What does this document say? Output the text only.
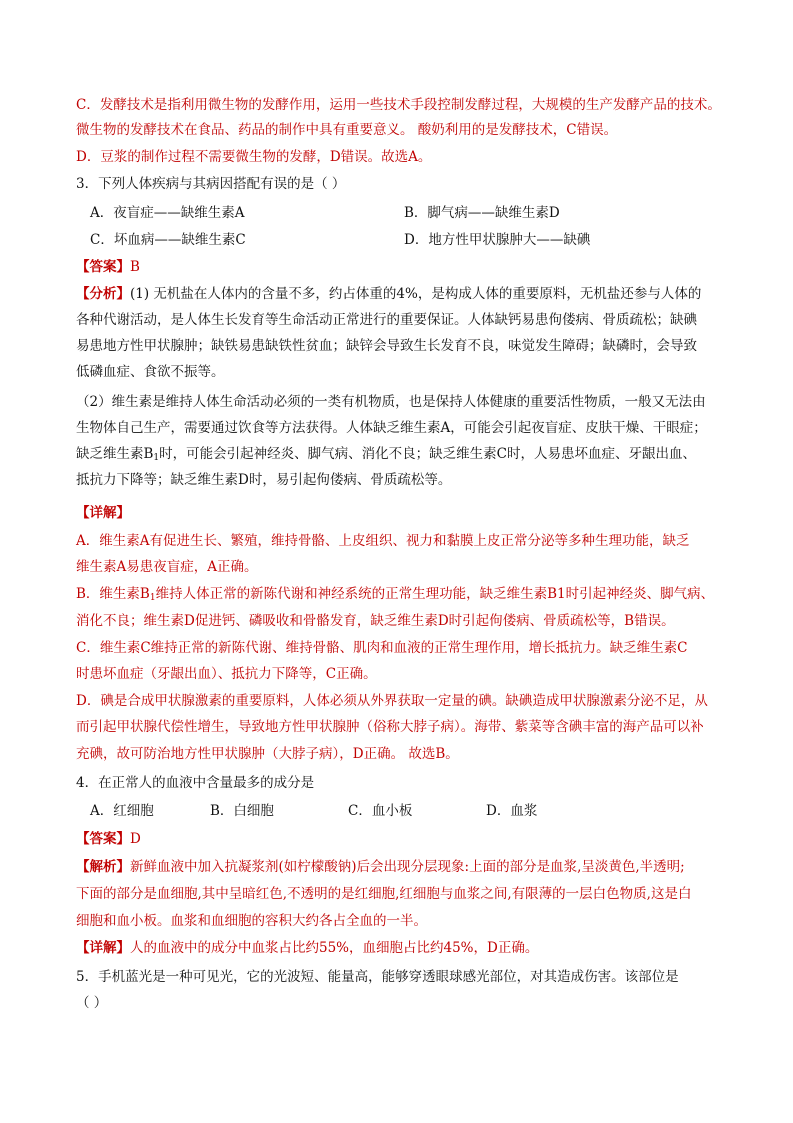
C．发酵技术是指利用微生物的发酵作用，运用一些技术手段控制发酵过程，大规模的生产发酵产品的技术。
微生物的发酵技术在食品、药品的制作中具有重要意义。 酸奶利用的是发酵技术，C错误。
D．豆浆的制作过程不需要微生物的发酵，D错误。故选A。
3．下列人体疾病与其病因搭配有误的是（ ）
A．夜盲症——缺维生素A	B．脚气病——缺维生素D
C．坏血病——缺维生素C	D．地方性甲状腺肿大——缺碘
【答案】B
【分析】(1) 无机盐在人体内的含量不多，约占体重的4%，是构成人体的重要原料，无机盐还参与人体的
各种代谢活动，是人体生长发育等生命活动正常进行的重要保证。人体缺钙易患佝偻病、骨质疏松；缺碘
易患地方性甲状腺肿；缺铁易患缺铁性贫血；缺锌会导致生长发育不良，味觉发生障碍；缺磷时，会导致
低磷血症、食欲不振等。
（2）维生素是维持人体生命活动必须的一类有机物质，也是保持人体健康的重要活性物质，一般又无法由
生物体自己生产，需要通过饮食等方法获得。人体缺乏维生素A，可能会引起夜盲症、皮肤干燥、干眼症；
缺乏维生素$B_1$时，可能会引起神经炎、脚气病、消化不良；缺乏维生素C时，人易患坏血症、牙龈出血、
抵抗力下降等；缺乏维生素D时，易引起佝偻病、骨质疏松等。
【详解】
A．维生素A有促进生长、繁殖，维持骨骼、上皮组织、视力和黏膜上皮正常分泌等多种生理功能，缺乏
维生素A易患夜盲症，A正确。
B．维生素$B_1$维持人体正常的新陈代谢和神经系统的正常生理功能，缺乏维生素B1时引起神经炎、脚气病、
消化不良；维生素D促进钙、磷吸收和骨骼发育，缺乏维生素D时引起佝偻病、骨质疏松等，B错误。
C．维生素C维持正常的新陈代谢、维持骨骼、肌肉和血液的正常生理作用，增长抵抗力。缺乏维生素C
时患坏血症（牙龈出血）、抵抗力下降等，C正确。
D．碘是合成甲状腺激素的重要原料，人体必须从外界获取一定量的碘。缺碘造成甲状腺激素分泌不足，从
而引起甲状腺代偿性增生，导致地方性甲状腺肿（俗称大脖子病）。海带、紫菜等含碘丰富的海产品可以补
充碘，故可防治地方性甲状腺肿（大脖子病），D正确。 故选B。
4．在正常人的血液中含量最多的成分是
A．红细胞	B．白细胞	C．血小板	D．血浆
【答案】D
【解析】新鲜血液中加入抗凝浆剂(如柠檬酸钠)后会出现分层现象:上面的部分是血浆,呈淡黄色,半透明;
下面的部分是血细胞,其中呈暗红色,不透明的是红细胞,红细胞与血浆之间,有限薄的一层白色物质,这是白
细胞和血小板。血浆和血细胞的容积大约各占全血的一半。
【详解】人的血液中的成分中血浆占比约55%，血细胞占比约45%，D正确。
5．手机蓝光是一种可见光，它的光波短、能量高，能够穿透眼球感光部位，对其造成伤害。该部位是
（ ）
